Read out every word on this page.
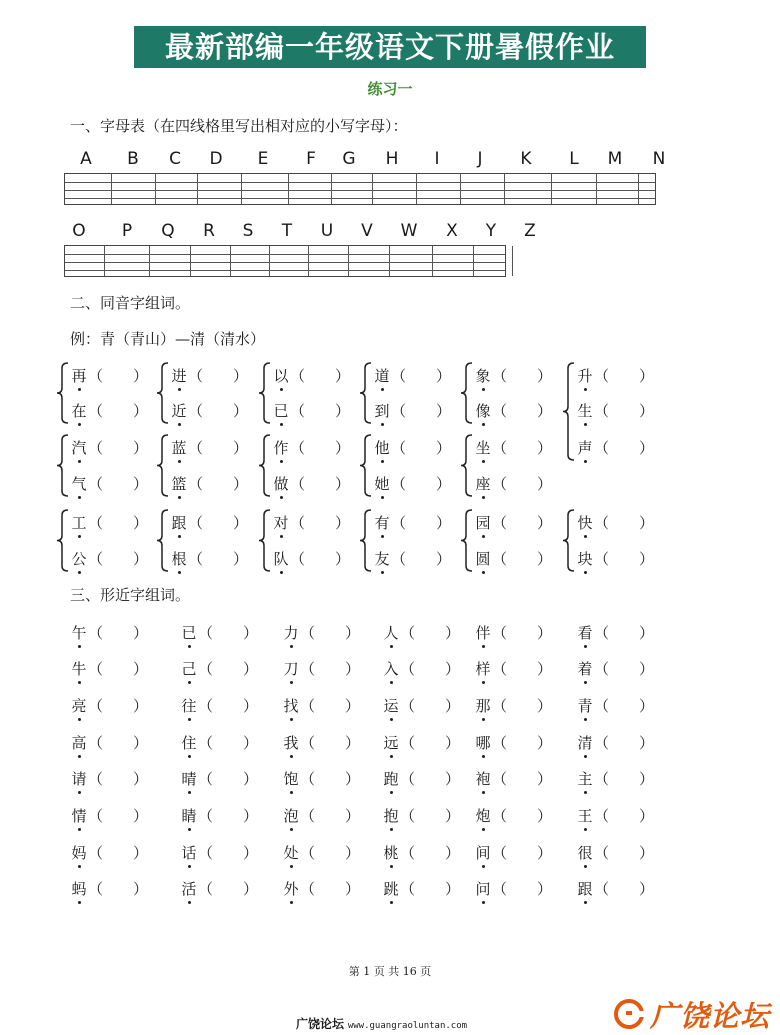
最新部编一年级语文下册暑假作业
练习一
一、字母表（在四线格里写出相对应的小写字母）：
A	B	C	D	E	F	G	H	I	J	K	L	M	N
O	P	Q	R	S	T	U	V	W	X	Y	Z
二、同音字组词。
例：青（青山）—清（清水）
再 （　　）
在 （　　）
进 （　　）
近 （　　）
以 （　　）
已 （　　）
道 （　　）
到 （　　）
象 （　　）
像 （　　）
汽 （　　）
气 （　　）
蓝 （　　）
篮 （　　）
作 （　　）
做 （　　）
他 （　　）
她 （　　）
坐 （　　）
座 （　　）
工 （　　）
公 （　　）
跟 （　　）
根 （　　）
对 （　　）
队 （　　）
有 （　　）
友 （　　）
园 （　　）
圆 （　　）
快 （　　）
块 （　　）
升 （　　）
生 （　　）
声 （　　）
三、形近字组词。
午 （　　） 已 （　　） 力 （　　） 人 （　　） 伴 （　　） 看 （　　）
牛 （　　） 己 （　　） 刀 （　　） 入 （　　） 样 （　　） 着 （　　）
亮 （　　） 往 （　　） 找 （　　） 运 （　　） 那 （　　） 青 （　　）
高 （　　） 住 （　　） 我 （　　） 远 （　　） 哪 （　　） 清 （　　）
请 （　　） 晴 （　　） 饱 （　　） 跑 （　　） 袍 （　　） 主 （　　）
情 （　　） 睛 （　　） 泡 （　　） 抱 （　　） 炮 （　　） 王 （　　）
妈 （　　） 话 （　　） 处 （　　） 桃 （　　） 间 （　　） 很 （　　）
蚂 （　　） 活 （　　） 外 （　　） 跳 （　　） 问 （　　） 跟 （　　）
第 1 页 共 16 页
广饶论坛 www.guangraoluntan.com	广饶论坛
